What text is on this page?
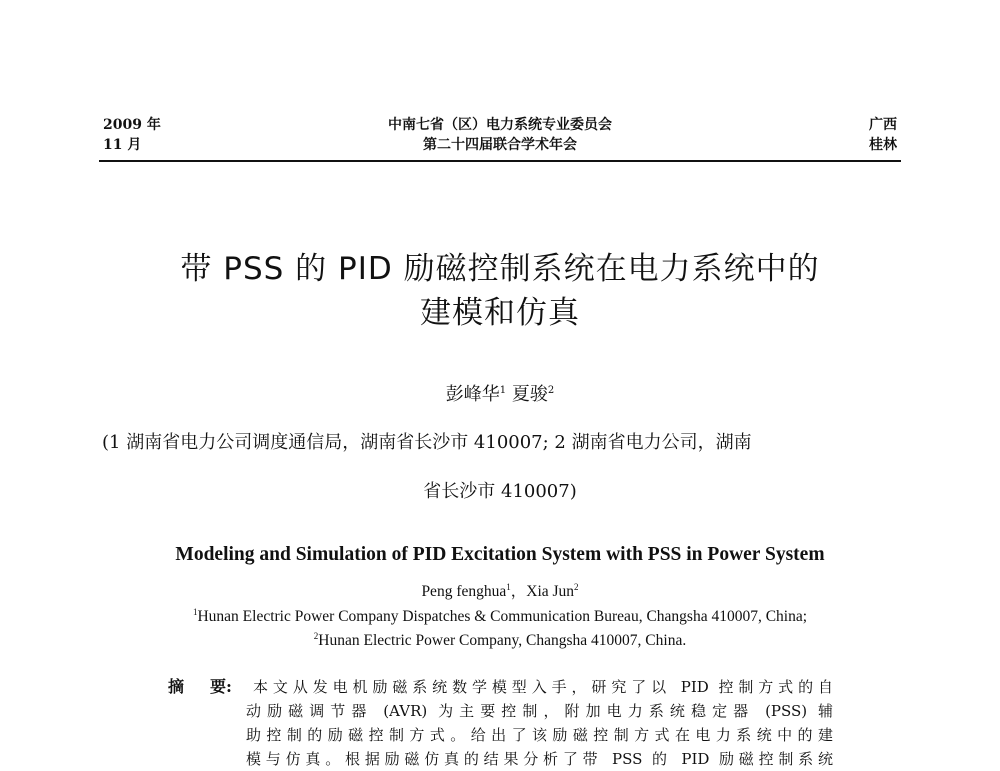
2009 年
11 月
中南七省（区）电力系统专业委员会
第二十四届联合学术年会
广西
桂林
带 PSS 的 PID 励磁控制系统在电力系统中的
建模和仿真
彭峰华$^1$ 夏骏$^2$
(1 湖南省电力公司调度通信局，湖南省长沙市 410007; 2 湖南省电力公司，湖南
省长沙市 410007)
Modeling and Simulation of PID Excitation System with PSS in Power System
Peng fenghua$^1$，Xia Jun$^2$
$^1$Hunan Electric Power Company Dispatches & Communication Bureau, Changsha 410007, China;
$^2$Hunan Electric Power Company, Changsha 410007, China.
摘 要: 本文从发电机励磁系统数学模型入手，研究了以 PID 控制方式的自
动励磁调节器 (AVR) 为主要控制，附加电力系统稳定器 (PSS) 辅
助控制的励磁控制方式。给出了该励磁控制方式在电力系统中的建
模与仿真。根据励磁仿真的结果分析了带 PSS 的 PID 励磁控制系统
